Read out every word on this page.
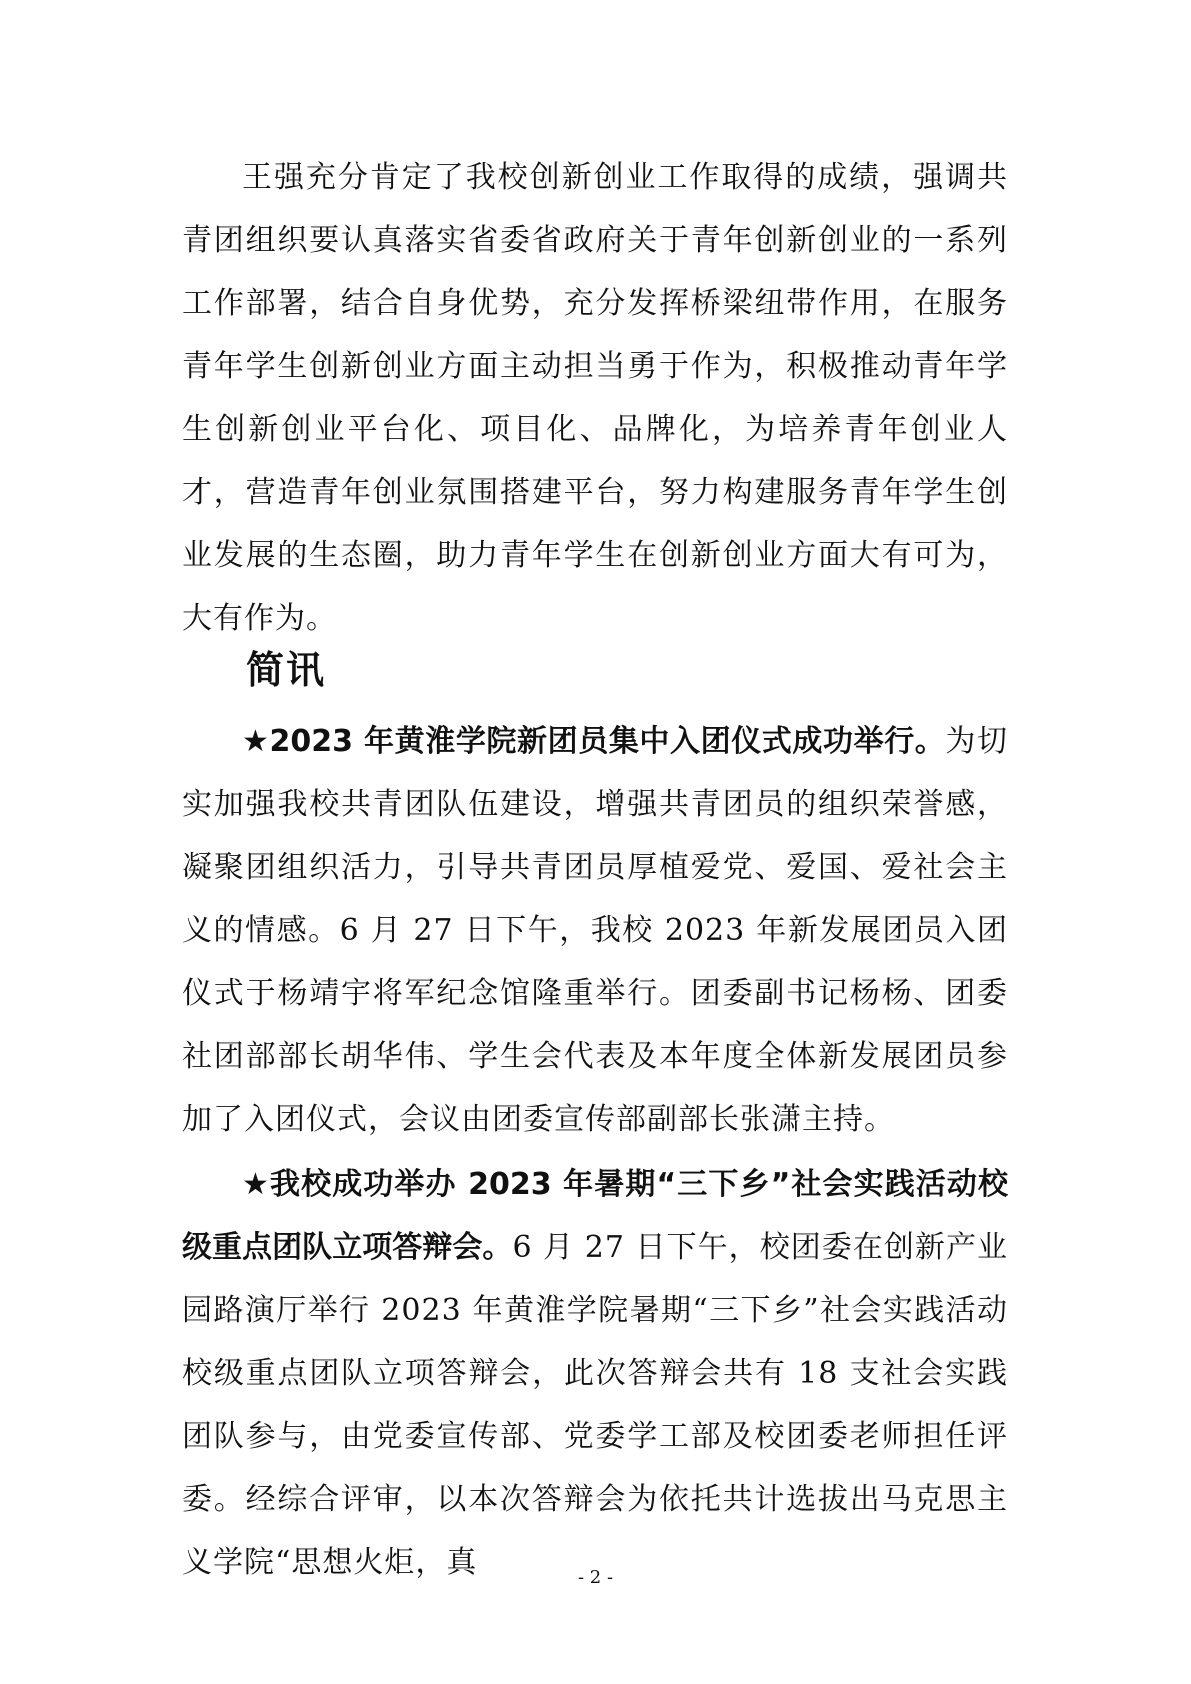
王强充分肯定了我校创新创业工作取得的成绩，强调共青团组织要认真落实省委省政府关于青年创新创业的一系列工作部署，结合自身优势，充分发挥桥梁纽带作用，在服务青年学生创新创业方面主动担当勇于作为，积极推动青年学生创新创业平台化、项目化、品牌化，为培养青年创业人才，营造青年创业氛围搭建平台，努力构建服务青年学生创业发展的生态圈，助力青年学生在创新创业方面大有可为，大有作为。

简讯

★2023 年黄淮学院新团员集中入团仪式成功举行。为切实加强我校共青团队伍建设，增强共青团员的组织荣誉感，凝聚团组织活力，引导共青团员厚植爱党、爱国、爱社会主义的情感。6 月 27 日下午，我校 2023 年新发展团员入团仪式于杨靖宇将军纪念馆隆重举行。团委副书记杨杨、团委社团部部长胡华伟、学生会代表及本年度全体新发展团员参加了入团仪式，会议由团委宣传部副部长张潇主持。

★我校成功举办 2023 年暑期“三下乡”社会实践活动校级重点团队立项答辩会。6 月 27 日下午，校团委在创新产业园路演厅举行 2023 年黄淮学院暑期“三下乡”社会实践活动校级重点团队立项答辩会，此次答辩会共有 18 支社会实践团队参与，由党委宣传部、党委学工部及校团委老师担任评委。经综合评审，以本次答辩会为依托共计选拔出马克思主义学院“思想火炬，真	- 2 -
